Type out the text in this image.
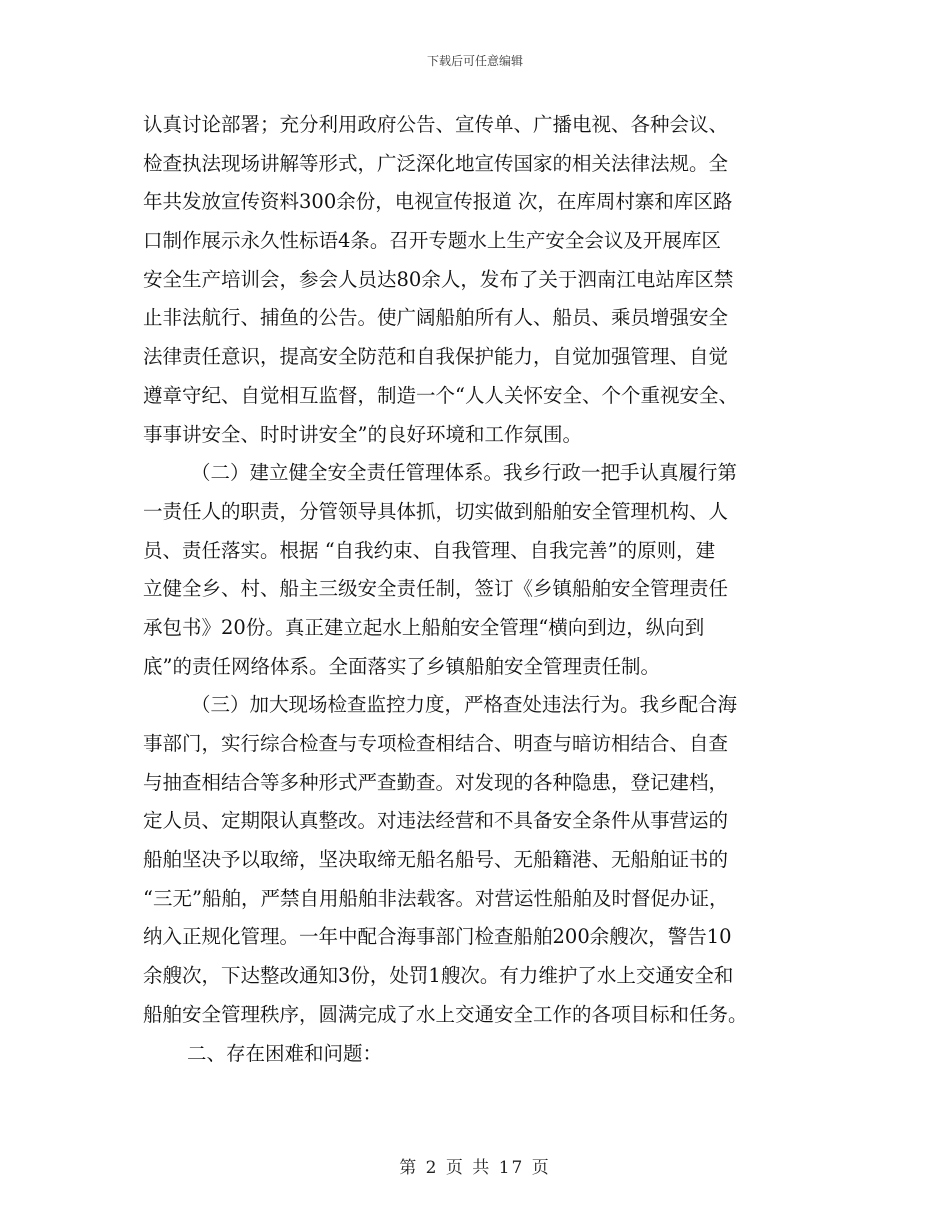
下载后可任意编辑
认真讨论部署；充分利用政府公告、宣传单、广播电视、各种会议、
检查执法现场讲解等形式，广泛深化地宣传国家的相关法律法规。全
年共发放宣传资料300余份，电视宣传报道 次，在库周村寨和库区路
口制作展示永久性标语4条。召开专题水上生产安全会议及开展库区
安全生产培训会，参会人员达80余人，发布了关于泗南江电站库区禁
止非法航行、捕鱼的公告。使广阔船舶所有人、船员、乘员增强安全
法律责任意识，提高安全防范和自我保护能力，自觉加强管理、自觉
遵章守纪、自觉相互监督，制造一个“人人关怀安全、个个重视安全、
事事讲安全、时时讲安全”的良好环境和工作氛围。
（二）建立健全安全责任管理体系。我乡行政一把手认真履行第
一责任人的职责，分管领导具体抓，切实做到船舶安全管理机构、人
员、责任落实。根据 “自我约束、自我管理、自我完善”的原则，建
立健全乡、村、船主三级安全责任制，签订《乡镇船舶安全管理责任
承包书》20份。真正建立起水上船舶安全管理“横向到边，纵向到
底”的责任网络体系。全面落实了乡镇船舶安全管理责任制。
（三）加大现场检查监控力度，严格查处违法行为。我乡配合海
事部门，实行综合检查与专项检查相结合、明查与暗访相结合、自查
与抽查相结合等多种形式严查勤查。对发现的各种隐患，登记建档，
定人员、定期限认真整改。对违法经营和不具备安全条件从事营运的
船舶坚决予以取缔，坚决取缔无船名船号、无船籍港、无船舶证书的
“三无”船舶，严禁自用船舶非法载客。对营运性船舶及时督促办证，
纳入正规化管理。一年中配合海事部门检查船舶200余艘次，警告10
余艘次，下达整改通知3份，处罚1艘次。有力维护了水上交通安全和
船舶安全管理秩序，圆满完成了水上交通安全工作的各项目标和任务。
二、存在困难和问题：
第 2 页 共 17 页
